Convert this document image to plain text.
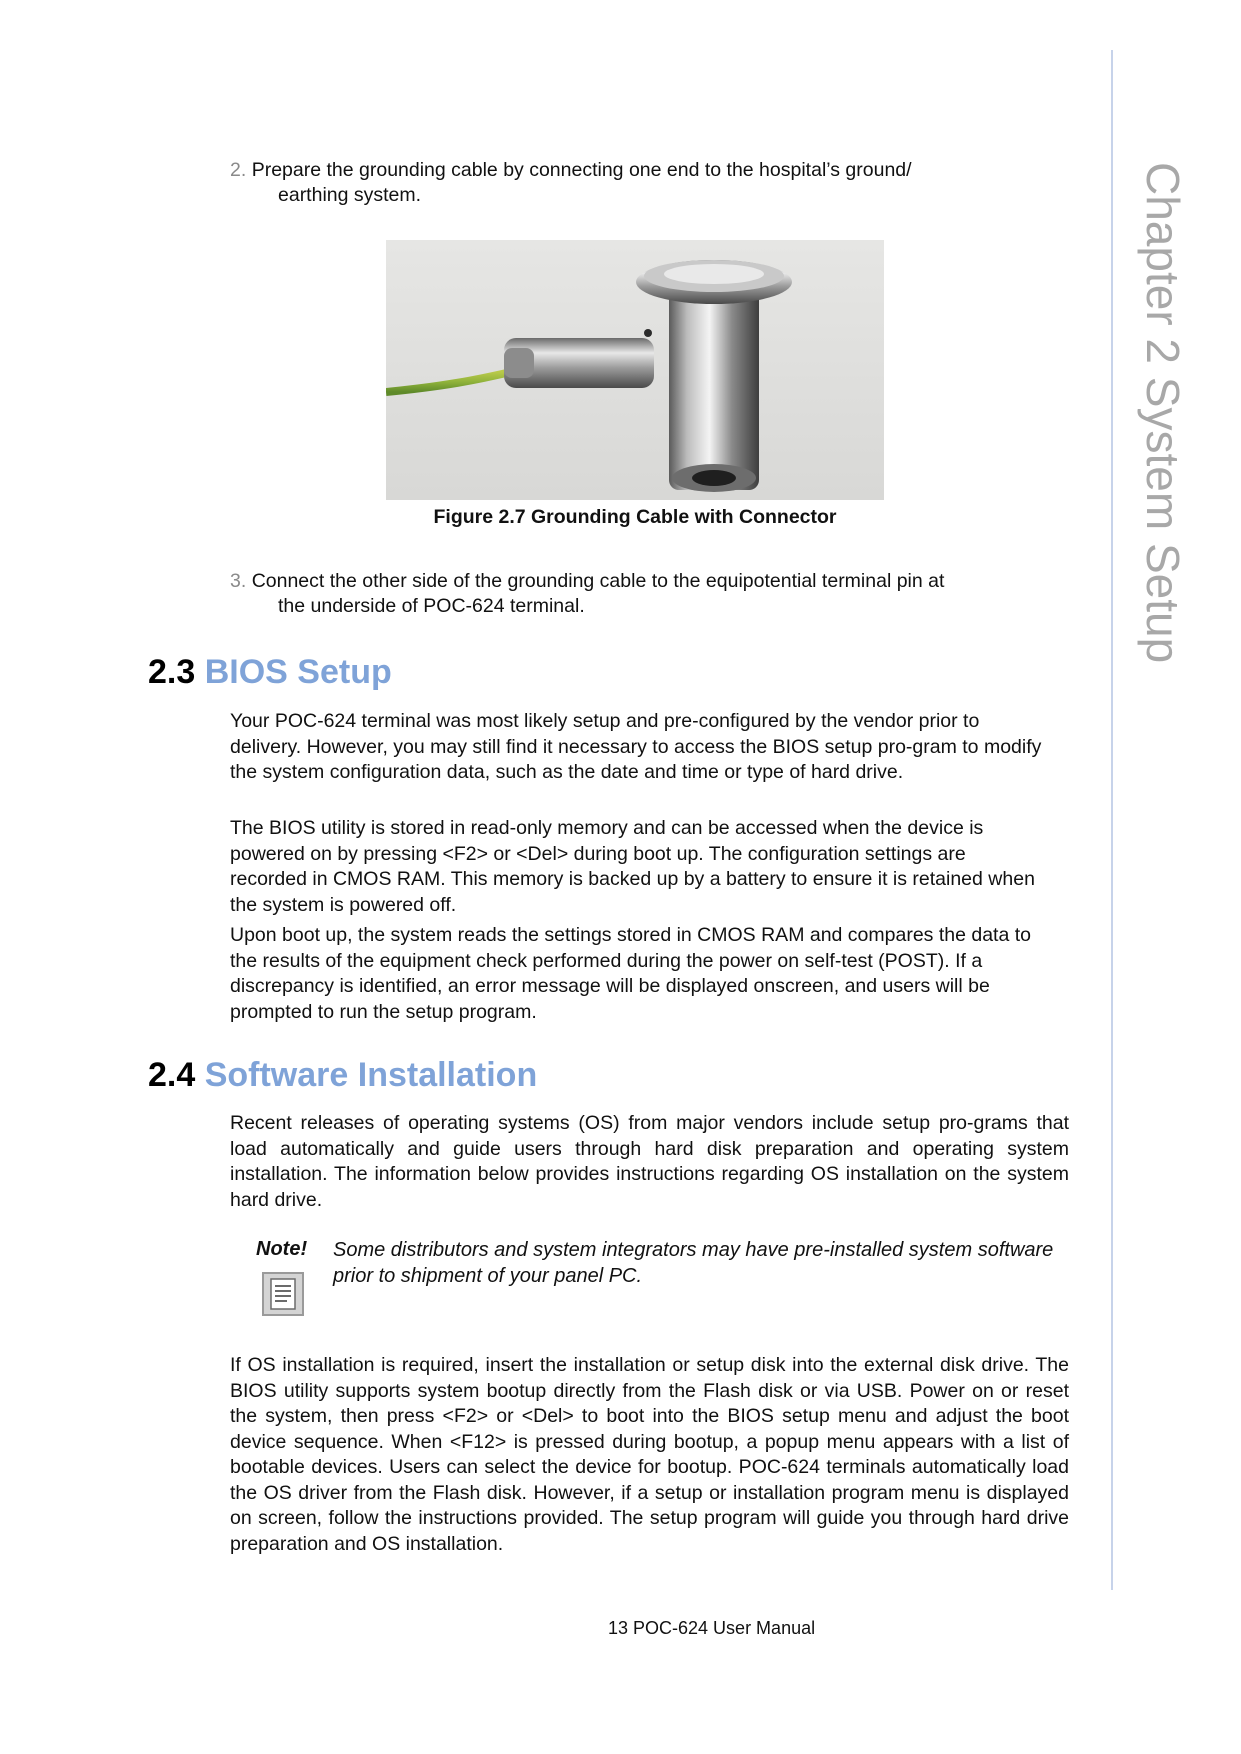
2. Prepare the grounding cable by connecting one end to the hospital’s ground/
earthing system.
Figure 2.7 Grounding Cable with Connector
3. Connect the other side of the grounding cable to the equipotential terminal pin at
the underside of POC-624 terminal.
2.3 BIOS Setup
Your POC-624 terminal was most likely setup and pre-configured by the vendor prior to delivery. However, you may still find it necessary to access the BIOS setup pro-gram to modify the system configuration data, such as the date and time or type of hard drive.
The BIOS utility is stored in read-only memory and can be accessed when the device is powered on by pressing <F2> or <Del> during boot up. The configuration settings are recorded in CMOS RAM. This memory is backed up by a battery to ensure it is retained when the system is powered off.
Upon boot up, the system reads the settings stored in CMOS RAM and compares the data to the results of the equipment check performed during the power on self-test (POST). If a discrepancy is identified, an error message will be displayed onscreen, and users will be prompted to run the setup program.
2.4 Software Installation
Recent releases of operating systems (OS) from major vendors include setup pro-grams that load automatically and guide users through hard disk preparation and operating system installation. The information below provides instructions regarding OS installation on the system hard drive.
Note! Some distributors and system integrators may have pre-installed system software prior to shipment of your panel PC.
If OS installation is required, insert the installation or setup disk into the external disk drive. The BIOS utility supports system bootup directly from the Flash disk or via USB. Power on or reset the system, then press <F2> or <Del> to boot into the BIOS setup menu and adjust the boot device sequence. When <F12> is pressed during bootup, a popup menu appears with a list of bootable devices. Users can select the device for bootup. POC-624 terminals automatically load the OS driver from the Flash disk. However, if a setup or installation program menu is displayed on screen, follow the instructions provided. The setup program will guide you through hard drive preparation and OS installation.
13 POC-624 User Manual
Chapter 2 System Setup
